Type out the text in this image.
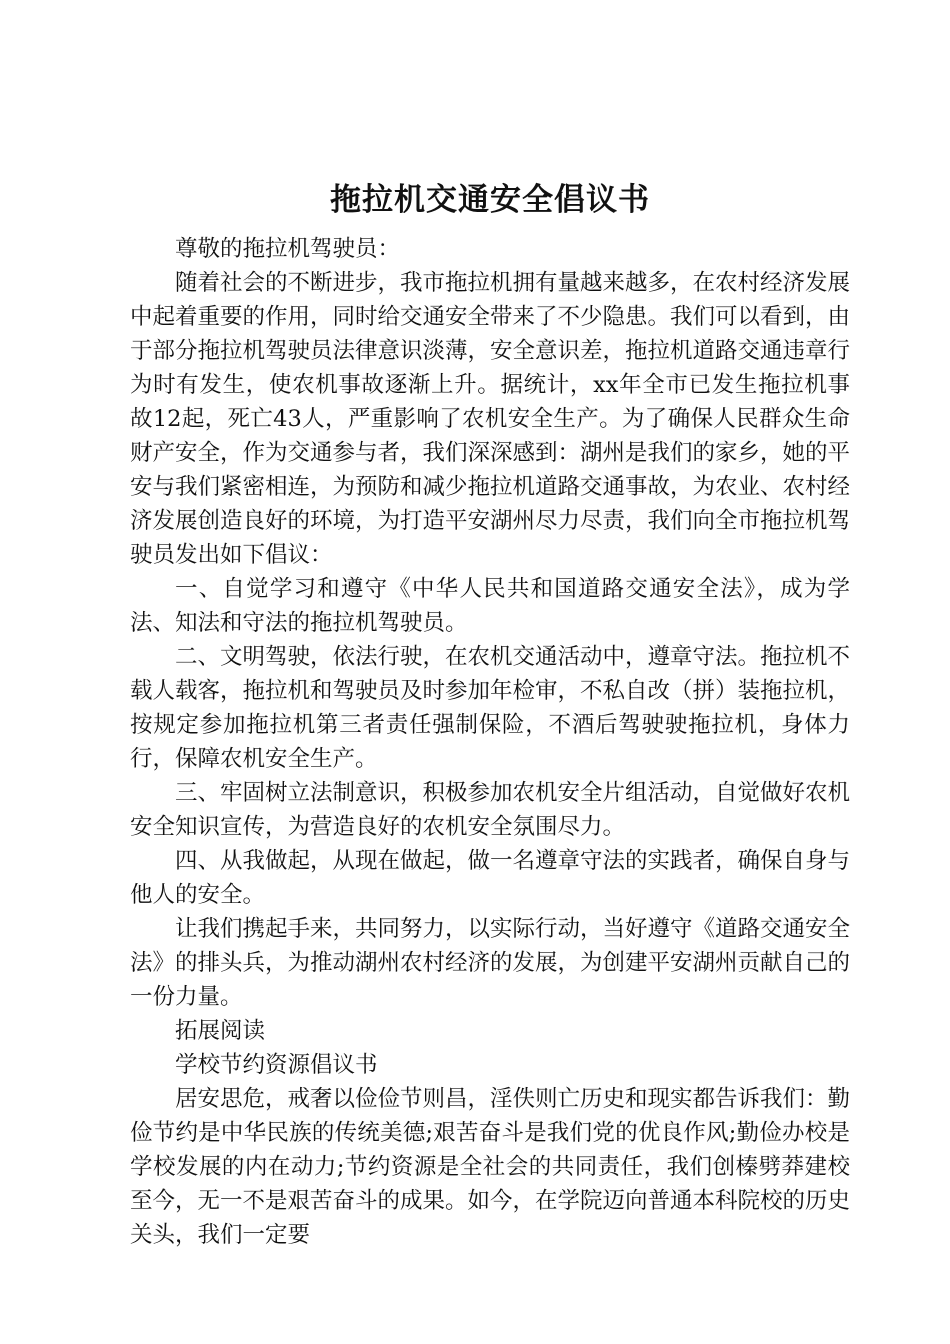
拖拉机交通安全倡议书

尊敬的拖拉机驾驶员：

随着社会的不断进步，我市拖拉机拥有量越来越多，在农村经济发展中起着重要的作用，同时给交通安全带来了不少隐患。我们可以看到，由于部分拖拉机驾驶员法律意识淡薄，安全意识差，拖拉机道路交通违章行为时有发生，使农机事故逐渐上升。据统计，xx年全市已发生拖拉机事故12起，死亡43人，严重影响了农机安全生产。为了确保人民群众生命财产安全，作为交通参与者，我们深深感到：湖州是我们的家乡，她的平安与我们紧密相连，为预防和减少拖拉机道路交通事故，为农业、农村经济发展创造良好的环境，为打造平安湖州尽力尽责，我们向全市拖拉机驾驶员发出如下倡议：

一、自觉学习和遵守《中华人民共和国道路交通安全法》，成为学法、知法和守法的拖拉机驾驶员。

二、文明驾驶，依法行驶，在农机交通活动中，遵章守法。拖拉机不载人载客，拖拉机和驾驶员及时参加年检审，不私自改（拼）装拖拉机，按规定参加拖拉机第三者责任强制保险，不酒后驾驶驶拖拉机，身体力行，保障农机安全生产。

三、牢固树立法制意识，积极参加农机安全片组活动，自觉做好农机安全知识宣传，为营造良好的农机安全氛围尽力。

四、从我做起，从现在做起，做一名遵章守法的实践者，确保自身与他人的安全。

让我们携起手来，共同努力，以实际行动，当好遵守《道路交通安全法》的排头兵，为推动湖州农村经济的发展，为创建平安湖州贡献自己的一份力量。

拓展阅读

学校节约资源倡议书

居安思危，戒奢以俭俭节则昌，淫佚则亡历史和现实都告诉我们：勤俭节约是中华民族的传统美德;艰苦奋斗是我们党的优良作风;勤俭办校是学校发展的内在动力;节约资源是全社会的共同责任，我们创榛劈莽建校至今，无一不是艰苦奋斗的成果。如今，在学院迈向普通本科院校的历史关头，我们一定要
